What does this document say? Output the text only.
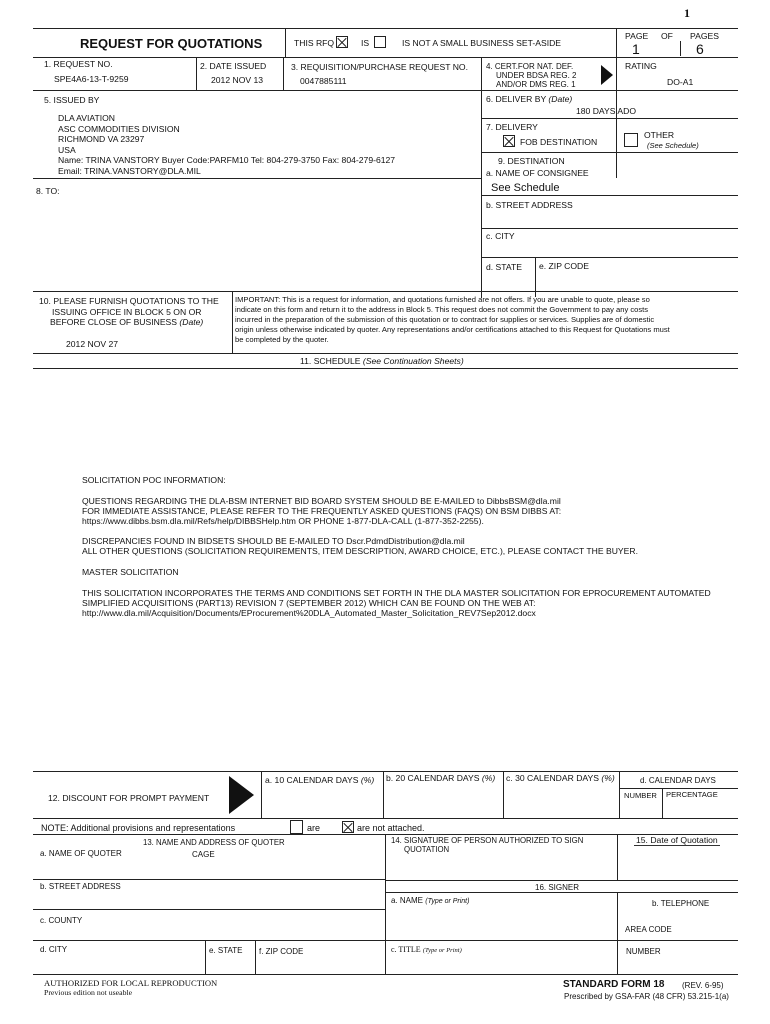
1
REQUEST FOR QUOTATIONS	THIS RFQ	IS	IS NOT A SMALL BUSINESS SET-ASIDE
PAGE OF PAGES
1	6
1. REQUEST NO.
SPE4A6-13-T-9259
2. DATE ISSUED
2012 NOV 13
3. REQUISITION/PURCHASE REQUEST NO.
0047885111
4. CERT.FOR NAT. DEF.
UNDER BDSA REG. 2
AND/OR DMS REG. 1
RATING
DO-A1
5. ISSUED BY
DLA AVIATION
ASC COMMODITIES DIVISION
RICHMOND VA 23297
USA
Name: TRINA VANSTORY Buyer Code:PARFM10 Tel: 804-279-3750 Fax: 804-279-6127
Email: TRINA.VANSTORY@DLA.MIL
6. DELIVER BY (Date)
180 DAYS ADO
7. DELIVERY
FOB DESTINATION
OTHER
(See Schedule)
8. TO:
9. DESTINATION
a. NAME OF CONSIGNEE
See Schedule
b. STREET ADDRESS
c. CITY
d. STATE e. ZIP CODE
10. PLEASE FURNISH QUOTATIONS TO THE
ISSUING OFFICE IN BLOCK 5 ON OR
BEFORE CLOSE OF BUSINESS (Date)
2012 NOV 27
IMPORTANT: This is a request for information, and quotations furnished are not offers. If you are unable to quote, please so
indicate on this form and return it to the address in Block 5. This request does not commit the Government to pay any costs
incurred in the preparation of the submission of this quotation or to contract for supplies or services. Supplies are of domestic
origin unless otherwise indicated by quoter. Any representations and/or certifications attached to this Request for Quotations must
be completed by the quoter.
11. SCHEDULE (See Continuation Sheets)
SOLICITATION POC INFORMATION:
QUESTIONS REGARDING THE DLA-BSM INTERNET BID BOARD SYSTEM SHOULD BE E-MAILED to DibbsBSM@dla.mil
FOR IMMEDIATE ASSISTANCE, PLEASE REFER TO THE FREQUENTLY ASKED QUESTIONS (FAQS) ON BSM DIBBS AT:
https://www.dibbs.bsm.dla.mil/Refs/help/DIBBSHelp.htm OR PHONE 1-877-DLA-CALL (1-877-352-2255).
DISCREPANCIES FOUND IN BIDSETS SHOULD BE E-MAILED TO Dscr.PdmdDistribution@dla.mil
ALL OTHER QUESTIONS (SOLICITATION REQUIREMENTS, ITEM DESCRIPTION, AWARD CHOICE, ETC.), PLEASE CONTACT THE BUYER.
MASTER SOLICITATION
THIS SOLICITATION INCORPORATES THE TERMS AND CONDITIONS SET FORTH IN THE DLA MASTER SOLICITATION FOR EPROCUREMENT AUTOMATED
SIMPLIFIED ACQUISITIONS (PART13) REVISION 7 (SEPTEMBER 2012) WHICH CAN BE FOUND ON THE WEB AT:
http://www.dla.mil/Acquisition/Documents/EProcurement%20DLA_Automated_Master_Solicitation_REV7Sep2012.docx
a. 10 CALENDAR DAYS (%) b. 20 CALENDAR DAYS (%) c. 30 CALENDAR DAYS (%)	d. CALENDAR DAYS
NUMBER PERCENTAGE
12. DISCOUNT FOR PROMPT PAYMENT
NOTE: Additional provisions and representations	are	are not attached.
13. NAME AND ADDRESS OF QUOTER
a. NAME OF QUOTER	CAGE
b. STREET ADDRESS
c. COUNTY
d. CITY	e. STATE f. ZIP CODE
14. SIGNATURE OF PERSON AUTHORIZED TO SIGN
QUOTATION
15. Date of Quotation
16. SIGNER
a. NAME (Type or Print)	b. TELEPHONE
AREA CODE
c. TITLE (Type or Print)	NUMBER
AUTHORIZED FOR LOCAL REPRODUCTION
Previous edition not useable
STANDARD FORM 18 (REV. 6-95)
Prescribed by GSA-FAR (48 CFR) 53.215-1(a)
